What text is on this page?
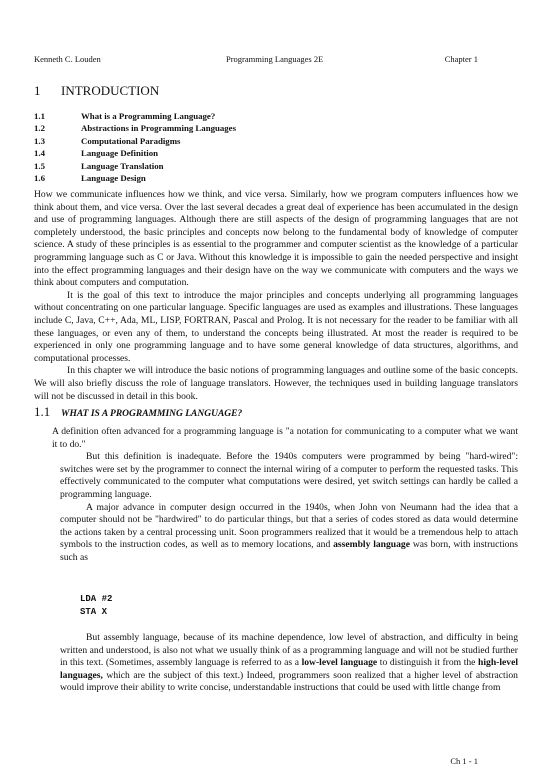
Kenneth C. Louden	Programming Languages 2E	Chapter 1
1 INTRODUCTION
1.1	What is a Programming Language?
1.2	Abstractions in Programming Languages
1.3	Computational Paradigms
1.4	Language Definition
1.5	Language Translation
1.6	Language Design

How we communicate influences how we think, and vice versa. Similarly, how we program computers influences how we think about them, and vice versa. Over the last several decades a great deal of experience has been accumulated in the design and use of programming languages. Although there are still aspects of the design of programming languages that are not completely understood, the basic principles and concepts now belong to the fundamental body of knowledge of computer science. A study of these principles is as essential to the programmer and computer scientist as the knowledge of a particular programming language such as C or Java. Without this knowledge it is impossible to gain the needed perspective and insight into the effect programming languages and their design have on the way we communicate with computers and the ways we think about computers and computation.

It is the goal of this text to introduce the major principles and concepts underlying all programming languages without concentrating on one particular language. Specific languages are used as examples and illustrations. These languages include C, Java, C++, Ada, ML, LISP, FORTRAN, Pascal and Prolog. It is not necessary for the reader to be familiar with all these languages, or even any of them, to understand the concepts being illustrated. At most the reader is required to be experienced in only one programming language and to have some general knowledge of data structures, algorithms, and computational processes.

In this chapter we will introduce the basic notions of programming languages and outline some of the basic concepts. We will also briefly discuss the role of language translators. However, the techniques used in building language translators will not be discussed in detail in this book.

1.1 WHAT IS A PROGRAMMING LANGUAGE?

A definition often advanced for a programming language is "a notation for communicating to a computer what we want it to do."

But this definition is inadequate. Before the 1940s computers were programmed by being "hard-wired": switches were set by the programmer to connect the internal wiring of a computer to perform the requested tasks. This effectively communicated to the computer what computations were desired, yet switch settings can hardly be called a programming language.

A major advance in computer design occurred in the 1940s, when John von Neumann had the idea that a computer should not be "hardwired" to do particular things, but that a series of codes stored as data would determine the actions taken by a central processing unit. Soon programmers realized that it would be a tremendous help to attach symbols to the instruction codes, as well as to memory locations, and assembly language was born, with instructions such as

LDA #2
STA X

But assembly language, because of its machine dependence, low level of abstraction, and difficulty in being written and understood, is also not what we usually think of as a programming language and will not be studied further in this text. (Sometimes, assembly language is referred to as a low-level language to distinguish it from the high-level languages, which are the subject of this text.) Indeed, programmers soon realized that a higher level of abstraction would improve their ability to write concise, understandable instructions that could be used with little change from

Ch 1 - 1
